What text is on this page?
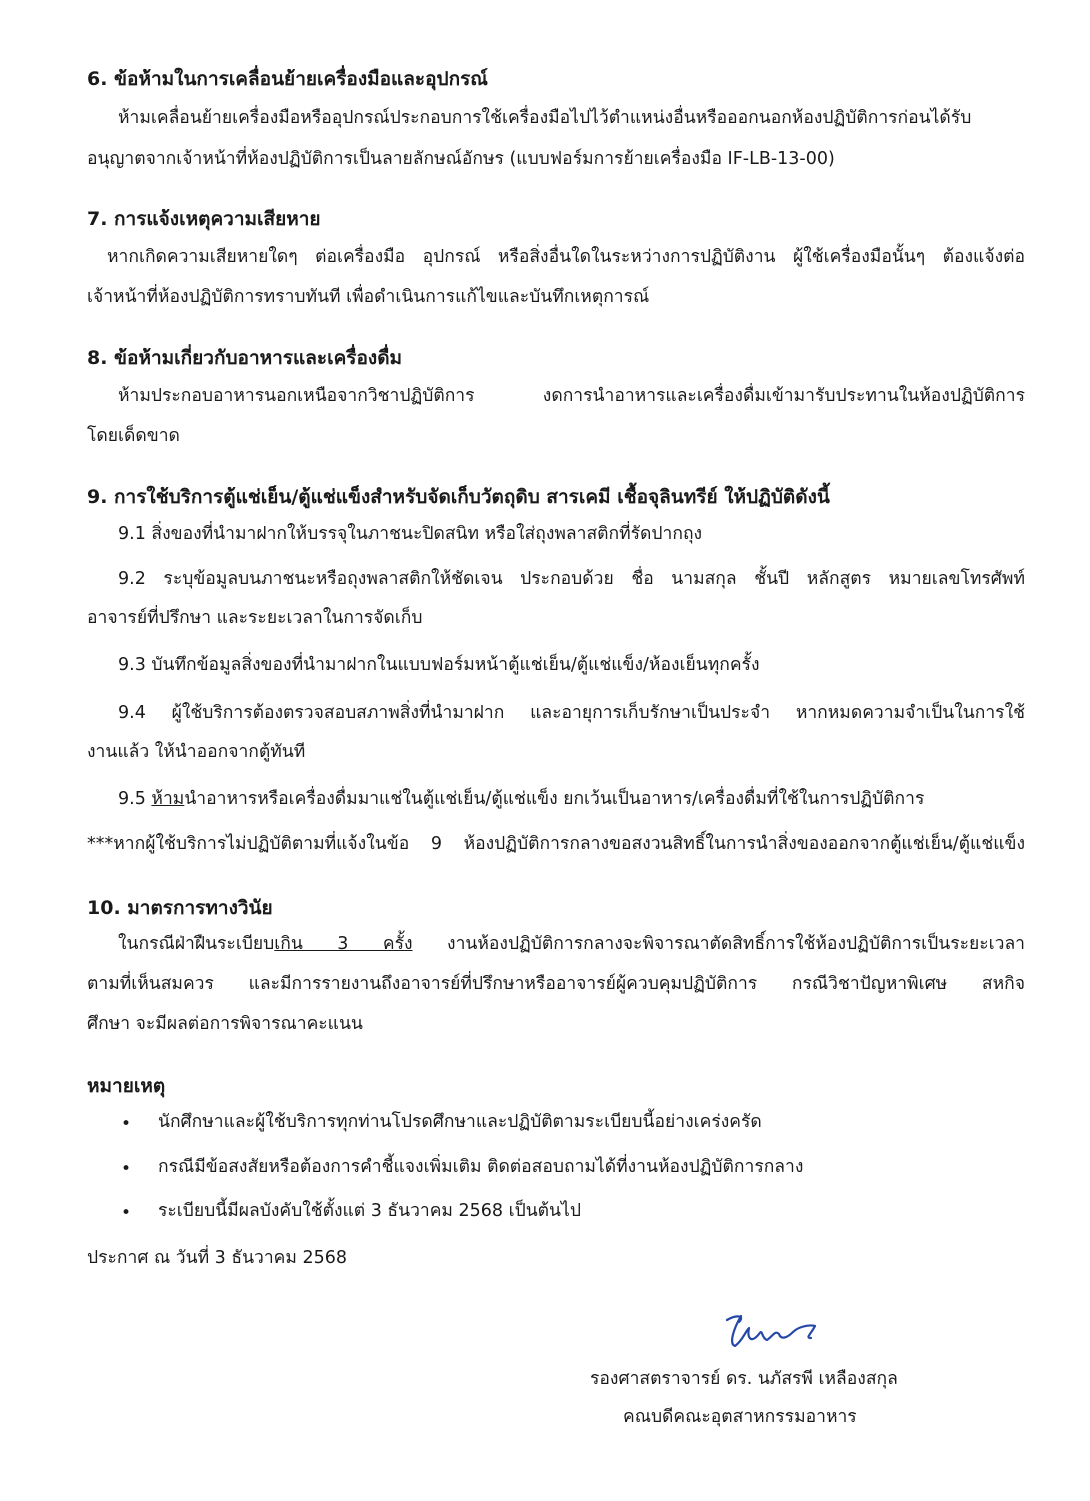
6. ข้อห้ามในการเคลื่อนย้ายเครื่องมือและอุปกรณ์
ห้ามเคลื่อนย้ายเครื่องมือหรืออุปกรณ์ประกอบการใช้เครื่องมือไปไว้ตำแหน่งอื่นหรือออกนอกห้องปฏิบัติการก่อนได้รับ
อนุญาตจากเจ้าหน้าที่ห้องปฏิบัติการเป็นลายลักษณ์อักษร (แบบฟอร์มการย้ายเครื่องมือ IF-LB-13-00)
7. การแจ้งเหตุความเสียหาย
หากเกิดความเสียหายใดๆ ต่อเครื่องมือ อุปกรณ์ หรือสิ่งอื่นใดในระหว่างการปฏิบัติงาน ผู้ใช้เครื่องมือนั้นๆ ต้องแจ้งต่อ
เจ้าหน้าที่ห้องปฏิบัติการทราบทันที เพื่อดำเนินการแก้ไขและบันทึกเหตุการณ์
8. ข้อห้ามเกี่ยวกับอาหารและเครื่องดื่ม
ห้ามประกอบอาหารนอกเหนือจากวิชาปฏิบัติการ งดการนำอาหารและเครื่องดื่มเข้ามารับประทานในห้องปฏิบัติการ
โดยเด็ดขาด
9. การใช้บริการตู้แช่เย็น/ตู้แช่แข็งสำหรับจัดเก็บวัตถุดิบ สารเคมี เชื้อจุลินทรีย์ ให้ปฏิบัติดังนี้
9.1 สิ่งของที่นำมาฝากให้บรรจุในภาชนะปิดสนิท หรือใส่ถุงพลาสติกที่รัดปากถุง
9.2 ระบุข้อมูลบนภาชนะหรือถุงพลาสติกให้ชัดเจน ประกอบด้วย ชื่อ นามสกุล ชั้นปี หลักสูตร หมายเลขโทรศัพท์
อาจารย์ที่ปรึกษา และระยะเวลาในการจัดเก็บ
9.3 บันทึกข้อมูลสิ่งของที่นำมาฝากในแบบฟอร์มหน้าตู้แช่เย็น/ตู้แช่แข็ง/ห้องเย็นทุกครั้ง
9.4 ผู้ใช้บริการต้องตรวจสอบสภาพสิ่งที่นำมาฝาก และอายุการเก็บรักษาเป็นประจำ หากหมดความจำเป็นในการใช้
งานแล้ว ให้นำออกจากตู้ทันที
9.5 ห้ามนำอาหารหรือเครื่องดื่มมาแช่ในตู้แช่เย็น/ตู้แช่แข็ง ยกเว้นเป็นอาหาร/เครื่องดื่มที่ใช้ในการปฏิบัติการ
***หากผู้ใช้บริการไม่ปฏิบัติตามที่แจ้งในข้อ 9 ห้องปฏิบัติการกลางขอสงวนสิทธิ์ในการนำสิ่งของออกจากตู้แช่เย็น/ตู้แช่แข็ง
10. มาตรการทางวินัย
ในกรณีฝ่าฝืนระเบียบเกิน 3 ครั้ง งานห้องปฏิบัติการกลางจะพิจารณาตัดสิทธิ์การใช้ห้องปฏิบัติการเป็นระยะเวลา
ตามที่เห็นสมควร และมีการรายงานถึงอาจารย์ที่ปรึกษาหรืออาจารย์ผู้ควบคุมปฏิบัติการ กรณีวิชาปัญหาพิเศษ สหกิจ
ศึกษา จะมีผลต่อการพิจารณาคะแนน
หมายเหตุ
• นักศึกษาและผู้ใช้บริการทุกท่านโปรดศึกษาและปฏิบัติตามระเบียบนี้อย่างเคร่งครัด
• กรณีมีข้อสงสัยหรือต้องการคำชี้แจงเพิ่มเติม ติดต่อสอบถามได้ที่งานห้องปฏิบัติการกลาง
• ระเบียบนี้มีผลบังคับใช้ตั้งแต่ 3 ธันวาคม 2568 เป็นต้นไป
ประกาศ ณ วันที่ 3 ธันวาคม 2568
รองศาสตราจารย์ ดร. นภัสรพี เหลืองสกุล
คณบดีคณะอุตสาหกรรมอาหาร
